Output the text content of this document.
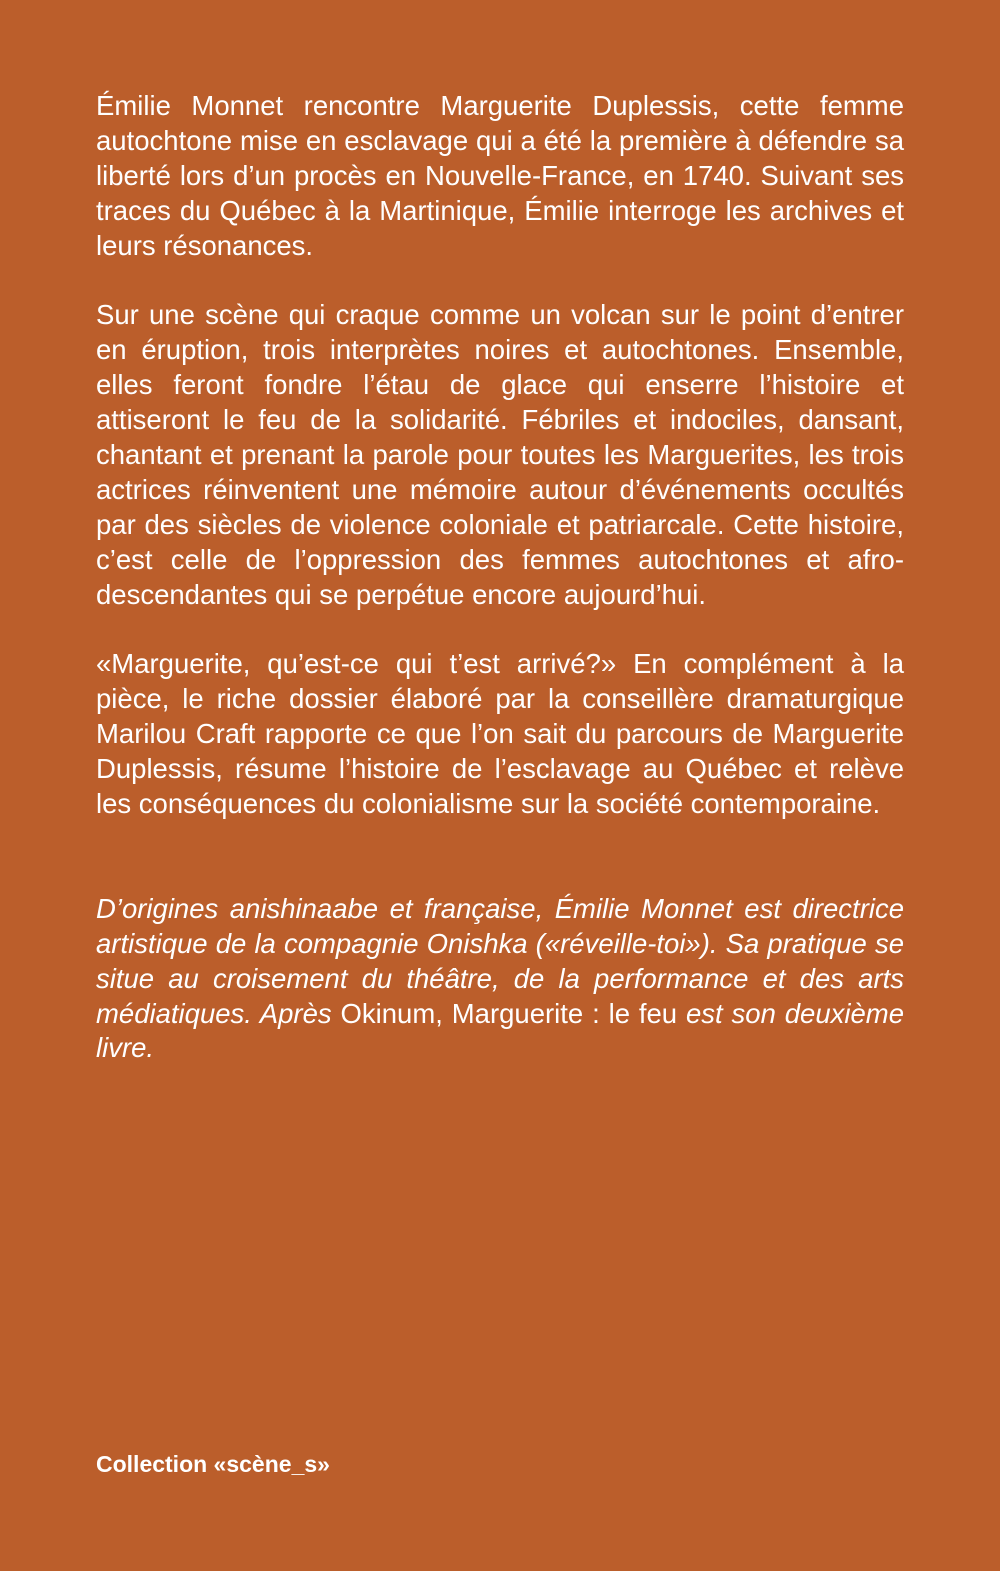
Émilie Monnet rencontre Marguerite Duplessis, cette femme autochtone mise en esclavage qui a été la première à défendre sa liberté lors d’un procès en Nouvelle-France, en 1740. Suivant ses traces du Québec à la Martinique, Émilie interroge les archives et leurs résonances.

Sur une scène qui craque comme un volcan sur le point d’entrer en éruption, trois interprètes noires et autochtones. Ensemble, elles feront fondre l’étau de glace qui enserre l’histoire et attiseront le feu de la solidarité. Fébriles et indociles, dansant, chantant et prenant la parole pour toutes les Marguerites, les trois actrices réinventent une mémoire autour d’événements occultés par des siècles de violence coloniale et patriarcale. Cette histoire, c’est celle de l’oppression des femmes autochtones et afro-descendantes qui se perpétue encore aujourd’hui.

«Marguerite, qu’est-ce qui t’est arrivé?» En complément à la pièce, le riche dossier élaboré par la conseillère dramaturgique Marilou Craft rapporte ce que l’on sait du parcours de Marguerite Duplessis, résume l’histoire de l’esclavage au Québec et relève les conséquences du colonialisme sur la société contemporaine.

D’origines anishinaabe et française, Émilie Monnet est directrice artistique de la compagnie Onishka («réveille-toi»). Sa pratique se situe au croisement du théâtre, de la performance et des arts médiatiques. Après Okinum, Marguerite : le feu est son deuxième livre.

Collection «scène_s»
